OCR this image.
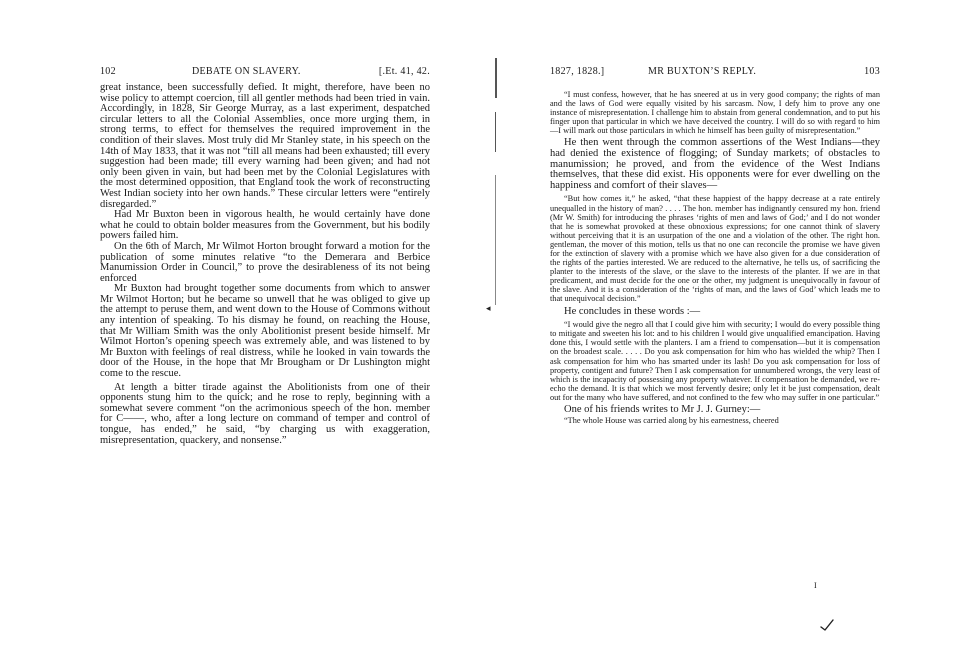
102	DEBATE ON SLAVERY.	[.Et. 41, 42.

great instance, been successfully defied. It might, therefore, have been no wise policy to attempt coercion, till all gentler methods had been tried in vain. Accordingly, in 1828, Sir George Murray, as a last experiment, despatched circular letters to all the Colonial Assemblies, once more urging them, in strong terms, to effect for themselves the required improvement in the condition of their slaves. Most truly did Mr Stanley state, in his speech on the 14th of May 1833, that it was not “till all means had been exhausted; till every suggestion had been made; till every warning had been given; and had not only been given in vain, but had been met by the Colonial Legislatures with the most determined opposition, that England took the work of reconstructing West Indian society into her own hands.” These circular letters were “entirely disregarded.”

Had Mr Buxton been in vigorous health, he would certainly have done what he could to obtain bolder measures from the Government, but his bodily powers failed him.

On the 6th of March, Mr Wilmot Horton brought forward a motion for the publication of some minutes relative “to the Demerara and Berbice Manumission Order in Council,” to prove the desirableness of its not being enforced

Mr Buxton had brought together some documents from which to answer Mr Wilmot Horton; but he became so unwell that he was obliged to give up the attempt to peruse them, and went down to the House of Commons without any intention of speaking. To his dismay he found, on reaching the House, that Mr William Smith was the only Abolitionist present beside himself. Mr Wilmot Horton’s opening speech was extremely able, and was listened to by Mr Buxton with feelings of real distress, while he looked in vain towards the door of the House, in the hope that Mr Brougham or Dr Lushington might come to the rescue.

At length a bitter tirade against the Abolitionists from one of their opponents stung him to the quick; and he rose to reply, beginning with a somewhat severe comment “on the acrimonious speech of the hon. member for C——, who, after a long lecture on command of temper and control of tongue, has ended,” he said, “by charging us with exaggeration, misrepresentation, quackery, and nonsense.”

◂
1827, 1828.]	MR BUXTON’S REPLY.	103

“I must confess, however, that he has sneered at us in very good company; the rights of man and the laws of God were equally visited by his sarcasm. Now, I defy him to prove any one instance of misrepresentation. I challenge him to abstain from general condemnation, and to put his finger upon that particular in which we have deceived the country. I will do so with regard to him—I will mark out those particulars in which he himself has been guilty of misrepresentation.”

He then went through the common assertions of the West Indians—they had denied the existence of flogging; of Sunday markets; of obstacles to manumission; he proved, and from the evidence of the West Indians themselves, that these did exist. His opponents were for ever dwelling on the happiness and comfort of their slaves—

“But how comes it,” he asked, “that these happiest of the happy decrease at a rate entirely unequalled in the history of man? . . . . The hon. member has indignantly censured my hon. friend (Mr W. Smith) for introducing the phrases ‘rights of men and laws of God;’ and I do not wonder that he is somewhat provoked at these obnoxious expressions; for one cannot think of slavery without perceiving that it is an usurpation of the one and a violation of the other. The right hon. gentleman, the mover of this motion, tells us that no one can reconcile the promise we have given for the extinction of slavery with a promise which we have also given for a due consideration of the rights of the parties interested. We are reduced to the alternative, he tells us, of sacrificing the planter to the interests of the slave, or the slave to the interests of the planter. If we are in that predicament, and must decide for the one or the other, my judgment is unequivocally in favour of the slave. And it is a consideration of the ‘rights of man, and the laws of God’ which leads me to that unequivocal decision.”

He concludes in these words :—

“I would give the negro all that I could give him with security; I would do every possible thing to mitigate and sweeten his lot: and to his children I would give unqualified emancipation. Having done this, I would settle with the planters. I am a friend to compensation—but it is compensation on the broadest scale. . . . . Do you ask compensation for him who has wielded the whip? Then I ask compensation for him who has smarted under its lash! Do you ask compensation for loss of property, contigent and future? Then I ask compensation for unnumbered wrongs, the very least of which is the incapacity of possessing any property whatever. If compensation be demanded, we re-echo the demand. It is that which we most fervently desire; only let it be just compensation, dealt out for the many who have suffered, and not confined to the few who may suffer in one particular.”

One of his friends writes to Mr J. J. Gurney:—

“The whole House was carried along by his earnestness, cheered

I
